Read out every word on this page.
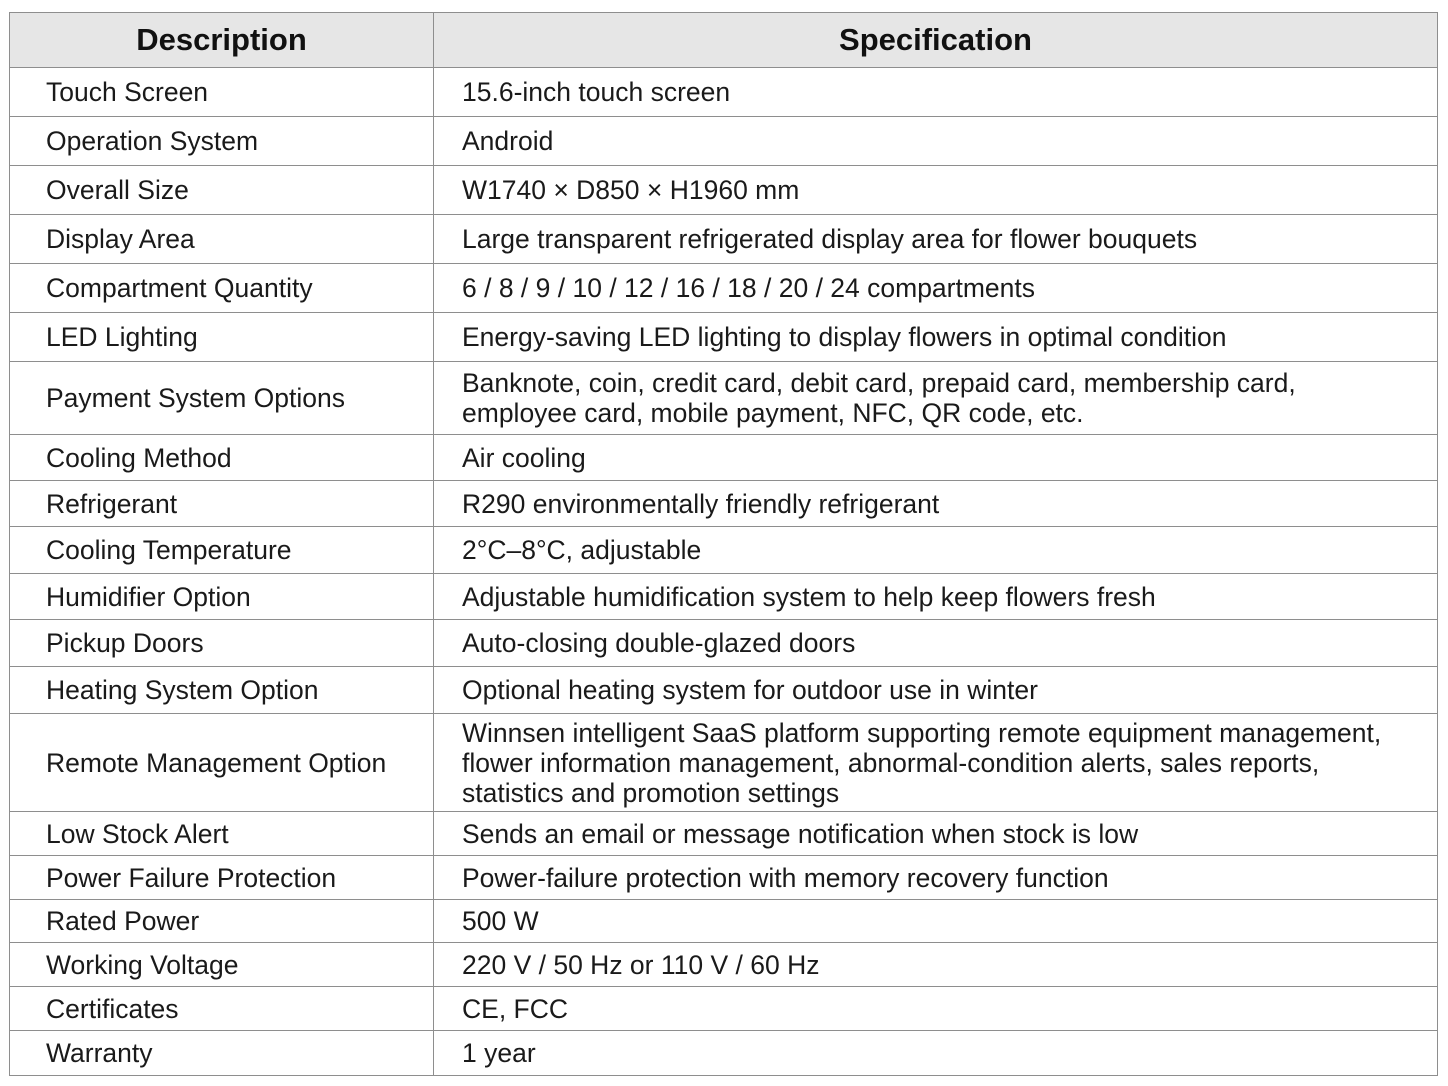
Description	Specification
Touch Screen	15.6-inch touch screen
Operation System	Android
Overall Size	W1740 × D850 × H1960 mm
Display Area	Large transparent refrigerated display area for flower bouquets
Compartment Quantity	6 / 8 / 9 / 10 / 12 / 16 / 18 / 20 / 24 compartments
LED Lighting	Energy-saving LED lighting to display flowers in optimal condition
Payment System Options	Banknote, coin, credit card, debit card, prepaid card, membership card, employee card, mobile payment, NFC, QR code, etc.
Cooling Method	Air cooling
Refrigerant	R290 environmentally friendly refrigerant
Cooling Temperature	2°C–8°C, adjustable
Humidifier Option	Adjustable humidification system to help keep flowers fresh
Pickup Doors	Auto-closing double-glazed doors
Heating System Option	Optional heating system for outdoor use in winter
Remote Management Option	Winnsen intelligent SaaS platform supporting remote equipment management, flower information management, abnormal-condition alerts, sales reports, statistics and promotion settings
Low Stock Alert	Sends an email or message notification when stock is low
Power Failure Protection	Power-failure protection with memory recovery function
Rated Power	500 W
Working Voltage	220 V / 50 Hz or 110 V / 60 Hz
Certificates	CE, FCC
Warranty	1 year
